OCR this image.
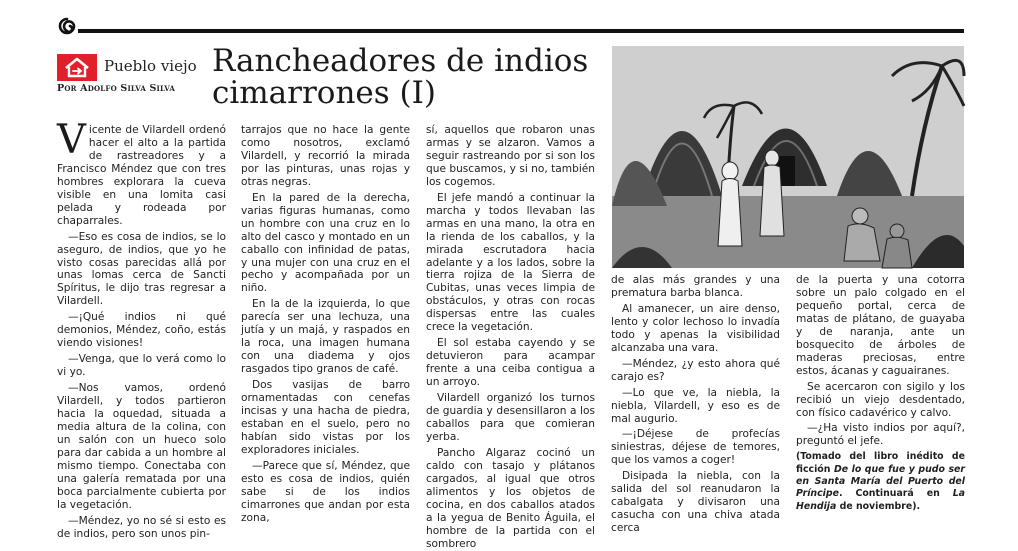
Pueblo viejo
Por Adolfo Silva Silva
Rancheadores de indios
cimarrones (I)

Vicente de Vilardell ordenó hacer el alto a la partida de rastreadores y a Francisco Méndez que con tres hombres explorara la cueva visible en una lomita casi pelada y rodeada por chaparrales.

—Eso es cosa de indios, se lo aseguro, de indios, que yo he visto cosas parecidas allá por unas lomas cerca de Sancti Spíritus, le dijo tras regresar a Vilardell.

—¡Qué indios ni qué demonios, Méndez, coño, estás viendo visiones!

—Venga, que lo verá como lo vi yo.

—Nos vamos, ordenó Vilardell, y todos partieron hacia la oquedad, situada a media altura de la colina, con un salón con un hueco solo para dar cabida a un hombre al mismo tiempo. Conectaba con una galería rematada por una boca parcialmente cubierta por la vegetación.

—Méndez, yo no sé si esto es de indios, pero son unos pin-

tarrajos que no hace la gente como nosotros, exclamó Vilardell, y recorrió la mirada por las pinturas, unas rojas y otras negras.

En la pared de la derecha, varias figuras humanas, como un hombre con una cruz en lo alto del casco y montado en un caballo con infinidad de patas, y una mujer con una cruz en el pecho y acompañada por un niño.

En la de la izquierda, lo que parecía ser una lechuza, una jutía y un majá, y raspados en la roca, una imagen humana con una diadema y ojos rasgados tipo granos de café.

Dos vasijas de barro ornamentadas con cenefas incisas y una hacha de piedra, estaban en el suelo, pero no habían sido vistas por los exploradores iniciales.

—Parece que sí, Méndez, que esto es cosa de indios, quién sabe si de los indios cimarrones que andan por esta zona,

sí, aquellos que robaron unas armas y se alzaron. Vamos a seguir rastreando por si son los que buscamos, y si no, también los cogemos.

El jefe mandó a continuar la marcha y todos llevaban las armas en una mano, la otra en la rienda de los caballos, y la mirada escrutadora hacia adelante y a los lados, sobre la tierra rojiza de la Sierra de Cubitas, unas veces limpia de obstáculos, y otras con rocas dispersas entre las cuales crece la vegetación.

El sol estaba cayendo y se detuvieron para acampar frente a una ceiba contigua a un arroyo.

Vilardell organizó los turnos de guardia y desensillaron a los caballos para que comieran yerba.

Pancho Algaraz cocinó un caldo con tasajo y plátanos cargados, al igual que otros alimentos y los objetos de cocina, en dos caballos atados a la yegua de Benito Águila, el hombre de la partida con el sombrero

de alas más grandes y una prematura barba blanca.

Al amanecer, un aire denso, lento y color lechoso lo invadía todo y apenas la visibilidad alcanzaba una vara.

—Méndez, ¿y esto ahora qué carajo es?

—Lo que ve, la niebla, la niebla, Vilardell, y eso es de mal augurio.

—¡Déjese de profecías siniestras, déjese de temores, que los vamos a coger!

Disipada la niebla, con la salida del sol reanudaron la cabalgata y divisaron una casucha con una chiva atada cerca

de la puerta y una cotorra sobre un palo colgado en el pequeño portal, cerca de matas de plátano, de guayaba y de naranja, ante un bosquecito de árboles de maderas preciosas, entre estos, ácanas y caguairanes.

Se acercaron con sigilo y los recibió un viejo desdentado, con físico cadavérico y calvo.

—¿Ha visto indios por aquí?, preguntó el jefe.

(Tomado del libro inédito de ficción De lo que fue y pudo ser en Santa María del Puerto del Príncipe. Continuará en La Hendija de noviembre).
